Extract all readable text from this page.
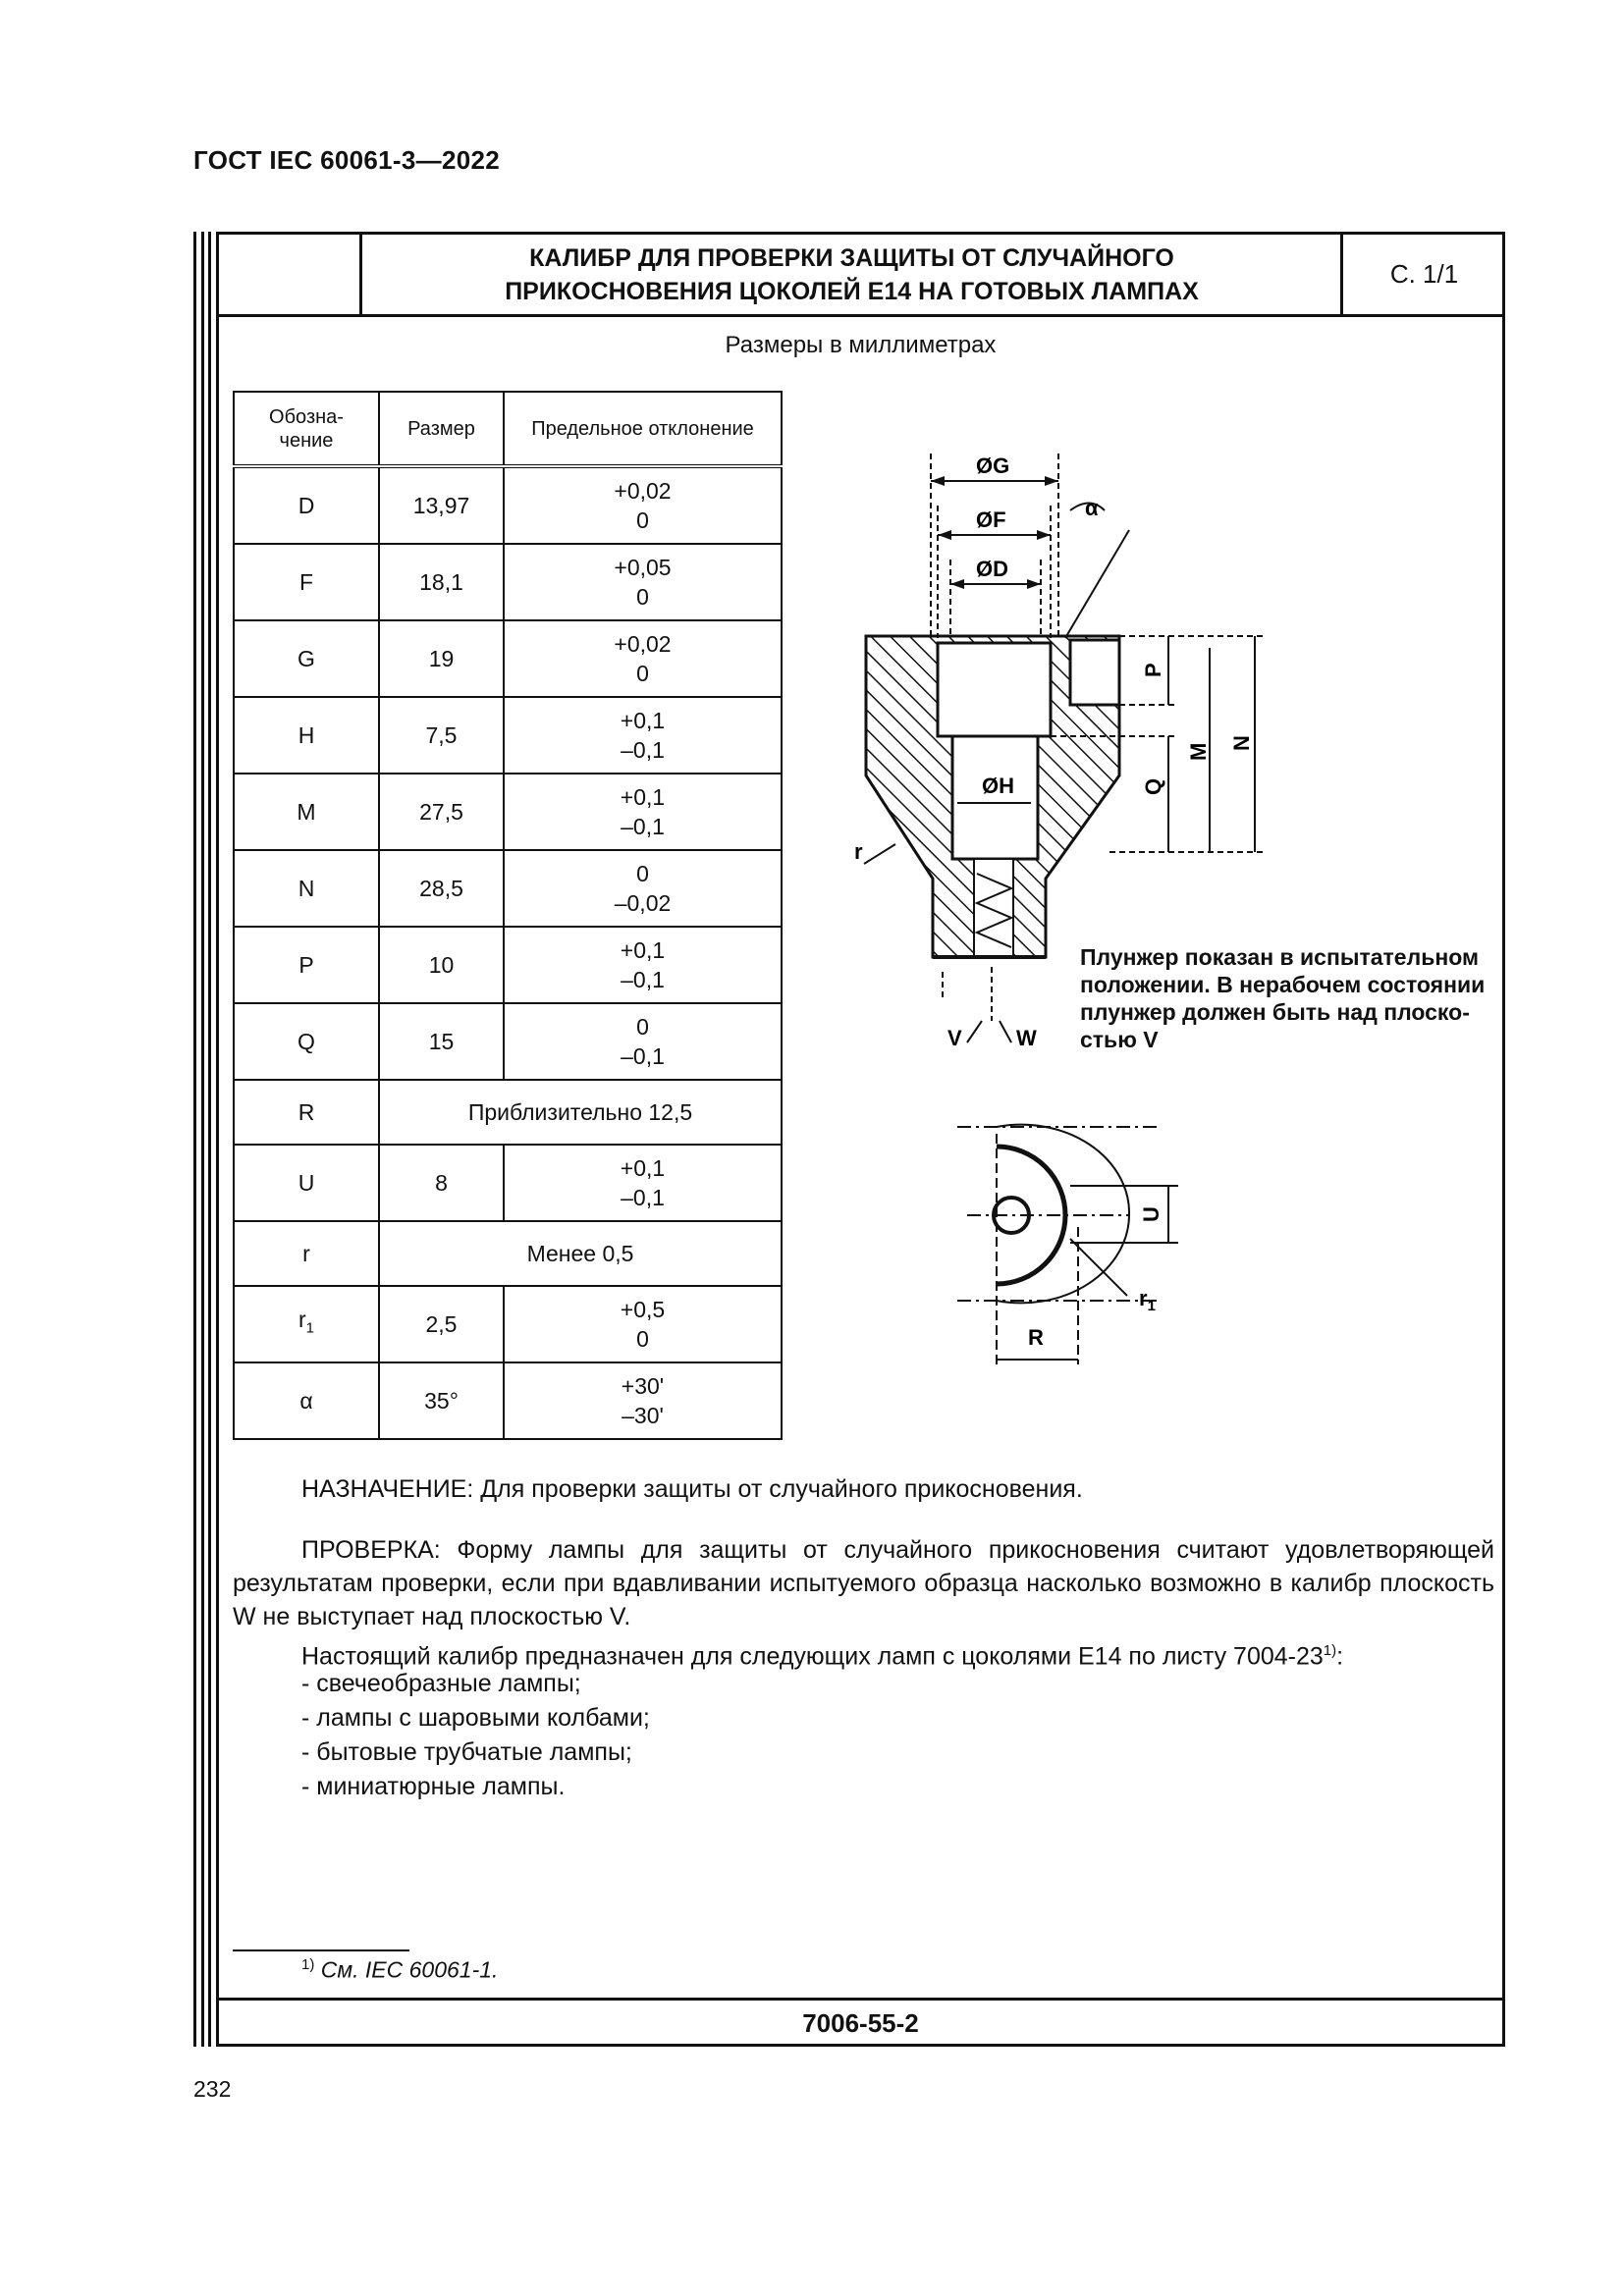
ГОСТ IEC 60061-3—2022
КАЛИБР ДЛЯ ПРОВЕРКИ ЗАЩИТЫ ОТ СЛУЧАЙНОГО
ПРИКОСНОВЕНИЯ ЦОКОЛЕЙ E14 НА ГОТОВЫХ ЛАМПАХ
С. 1/1
Размеры в миллиметрах
Обозна-
чение	Размер	Предельное отклонение
D	13,97	+0,02
0
F	18,1	+0,05
0
G	19	+0,02
0
H	7,5	+0,1
–0,1
M	27,5	+0,1
–0,1
N	28,5	0
–0,02
P	10	+0,1
–0,1
Q	15	0
–0,1
R	Приблизительно 12,5	
U	8	+0,1
–0,1
r	Менее 0,5	
$r_1$	2,5	+0,5
0
α	35°	+30'
–30'
ØG
ØF
ØD
α
ØH
P
Q
M N
r
V	W
U
R
$r_1$
Плунжер показан в испытательном
положении. В нерабочем состоянии
плунжер должен быть над плоско-
стью V
НАЗНАЧЕНИЕ: Для проверки защиты от случайного прикосновения.
ПРОВЕРКА: Форму лампы для защиты от случайного прикосновения считают удовлетворяющей результатам проверки, если при вдавливании испытуемого образца насколько возможно в калибр плоскость W не выступает над плоскостью V.
Настоящий калибр предназначен для следующих ламп с цоколями E14 по листу 7004-23$^{1)}$:
- свечеобразные лампы;
- лампы с шаровыми колбами;
- бытовые трубчатые лампы;
- миниатюрные лампы.
$^{1)}$ См. IEC 60061-1.
7006-55-2
232
